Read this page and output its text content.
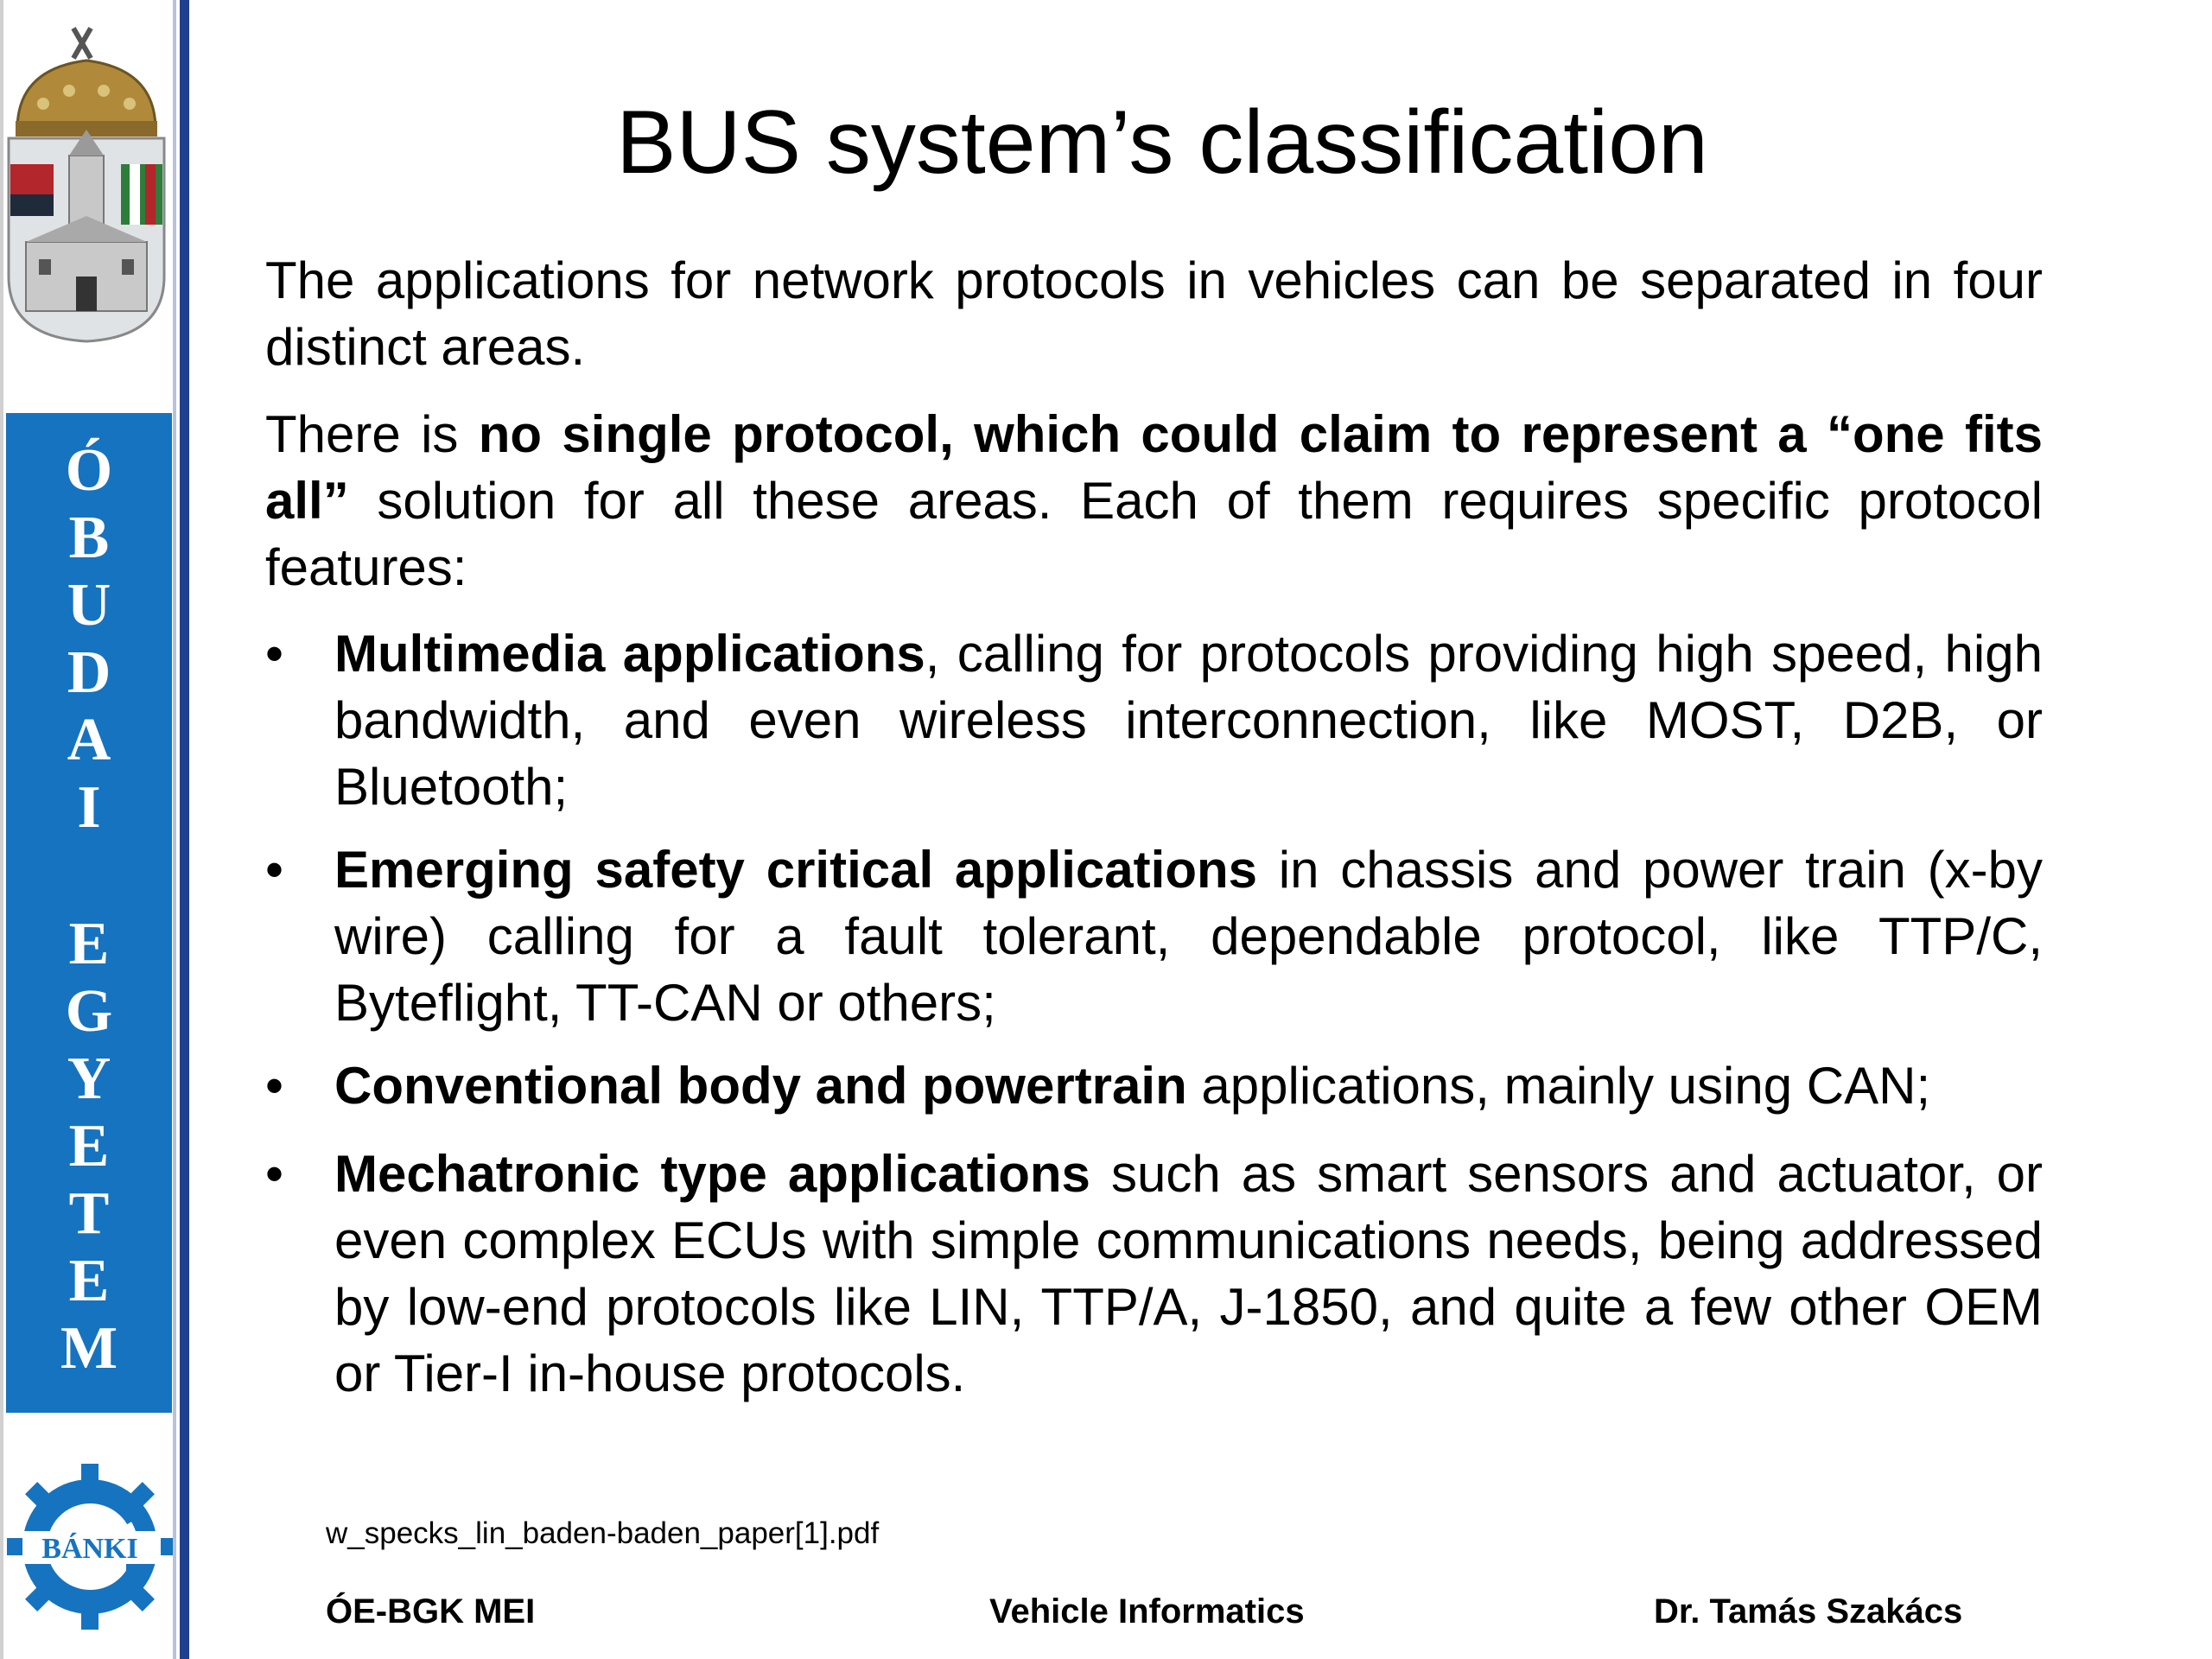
Ó
B
U
D
A
I
E
G
Y
E
T
E
M
BÁNKI
BUS system’s classification
The applications for network protocols in vehicles can be separated in four distinct areas.
There is no single protocol, which could claim to represent a “one fits all” solution for all these areas. Each of them requires specific protocol features:
• Multimedia applications, calling for protocols providing high speed, high bandwidth, and even wireless interconnection, like MOST, D2B, or Bluetooth;
• Emerging safety critical applications in chassis and power train (x-by wire) calling for a fault tolerant, dependable protocol, like TTP/C, Byteflight, TT-CAN or others;
• Conventional body and powertrain applications, mainly using CAN;
• Mechatronic type applications such as smart sensors and actuator, or even complex ECUs with simple communications needs, being addressed by low-end protocols like LIN, TTP/A, J-1850, and quite a few other OEM or Tier-I in-house protocols.
w_specks_lin_baden-baden_paper[1].pdf
ÓE-BGK MEI	Vehicle Informatics	Dr. Tamás Szakács
